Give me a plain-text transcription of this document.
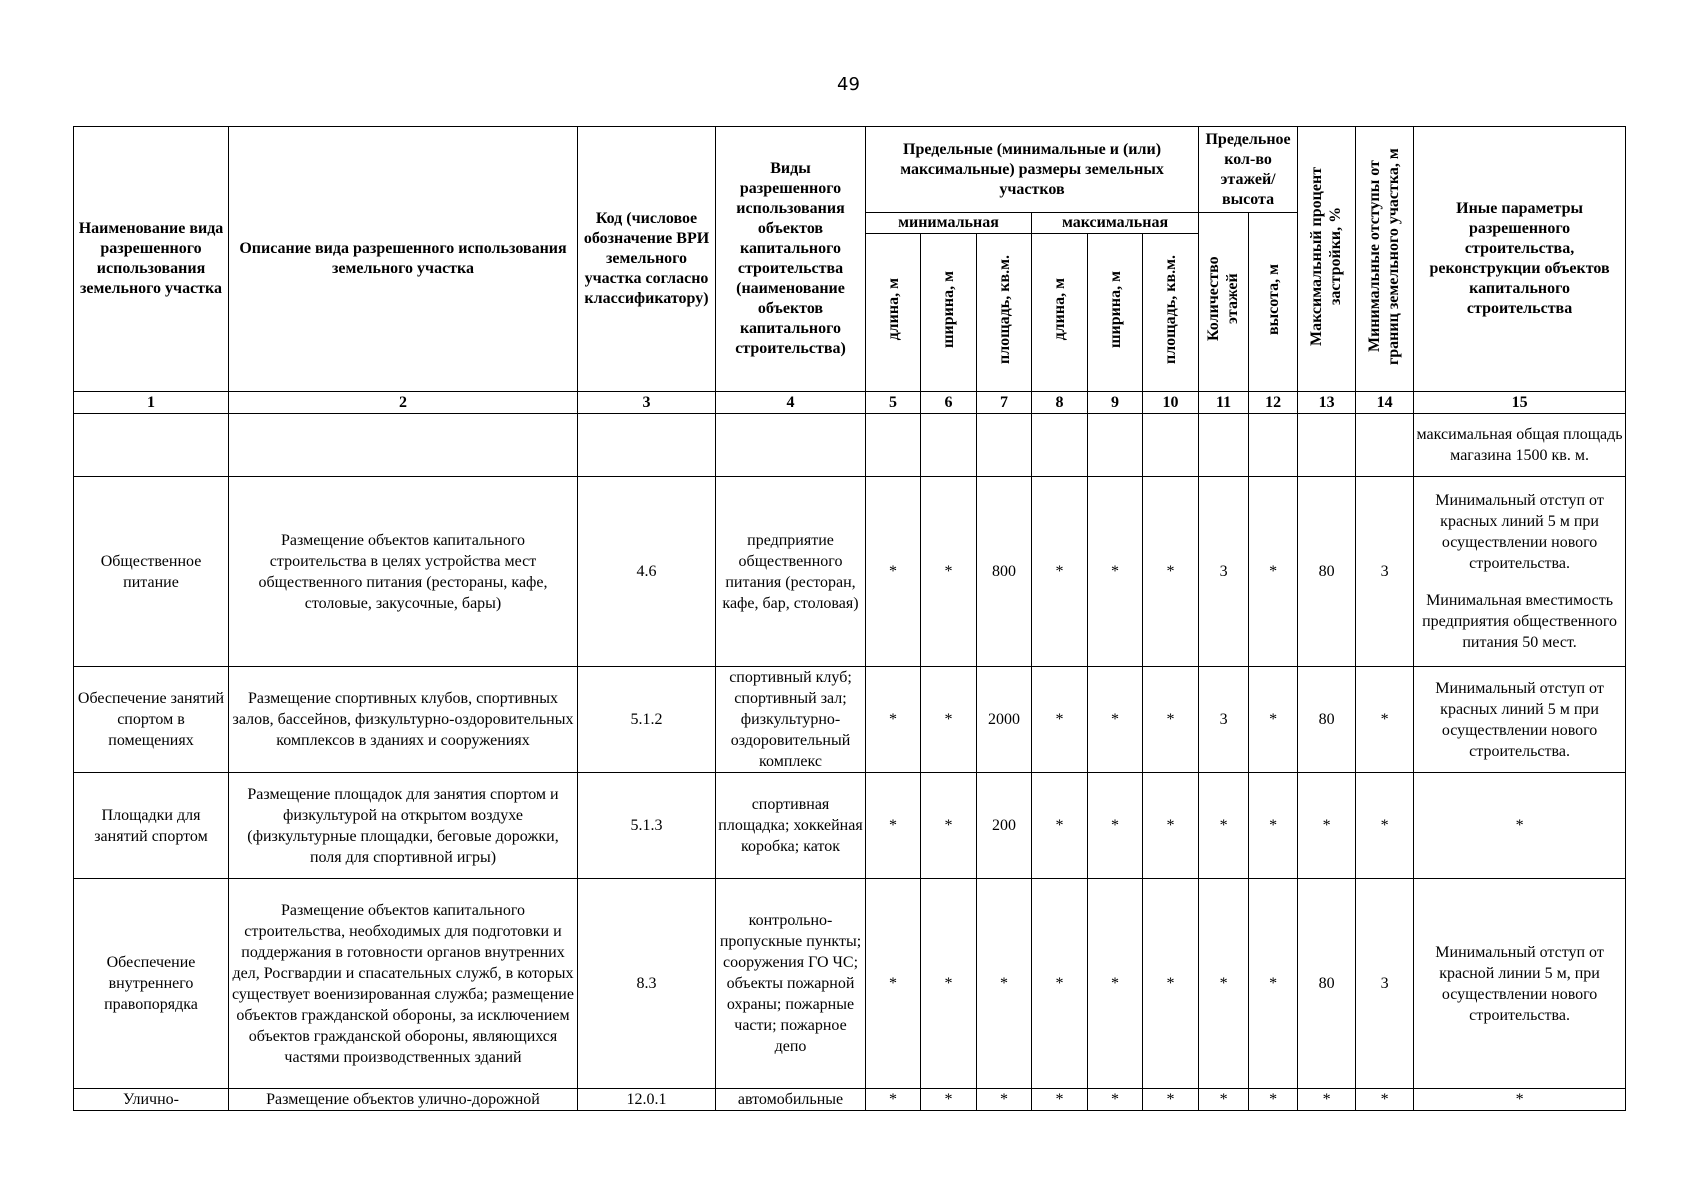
49
Наименование вида разрешенного использования земельного участка	Описание вида разрешенного использования земельного участка	Код (числовое обозначение ВРИ земельного участка согласно классификатору)	Виды разрешенного использования объектов капитального строительства (наименование объектов капитального строительства)	Предельные (минимальные и (или) максимальные) размеры земельных участков						Предельное кол-во этажей/ высота		Максимальный процент застройки, %	Минимальные отступы от границ земельного участка, м	Иные параметры разрешенного строительства, реконструкции объектов капитального строительства
				минимальная			максимальная			Количество этажей	высота, м			
				длина, м	ширина, м	площадь, кв.м.	длина, м	ширина, м	площадь, кв.м.					
1	2	3	4	5	6	7	8	9	10	11	12	13	14	15
														максимальная общая площадь магазина 1500 кв. м.
Общественное питание	Размещение объектов капитального строительства в целях устройства мест общественного питания (рестораны, кафе, столовые, закусочные, бары)	4.6	предприятие общественного питания (ресторан, кафе, бар, столовая)	*	*	800	*	*	*	3	*	80	3	Минимальный отступ от красных линий 5 м при осуществлении нового строительства.
Минимальная вместимость предприятия общественного питания 50 мест.

Обеспечение занятий спортом в помещениях	Размещение спортивных клубов, спортивных залов, бассейнов, физкультурно-оздоровительных комплексов в зданиях и сооружениях	5.1.2	спортивный клуб; спортивный зал; физкультурно-оздоровительный комплекс	*	*	2000	*	*	*	3	*	80	*	Минимальный отступ от красных линий 5 м при осуществлении нового строительства.
Площадки для занятий спортом	Размещение площадок для занятия спортом и физкультурой на открытом воздухе (физкультурные площадки, беговые дорожки, поля для спортивной игры)	5.1.3	спортивная площадка; хоккейная коробка; каток	*	*	200	*	*	*	*	*	*	*	*
Обеспечение внутреннего правопорядка	Размещение объектов капитального строительства, необходимых для подготовки и поддержания в готовности органов внутренних дел, Росгвардии и спасательных служб, в которых существует военизированная служба; размещение объектов гражданской обороны, за исключением объектов гражданской обороны, являющихся частями производственных зданий	8.3	контрольно-пропускные пункты; сооружения ГО ЧС; объекты пожарной охраны; пожарные части; пожарное депо	*	*	*	*	*	*	*	*	80	3	Минимальный отступ от красной линии 5 м, при осуществлении нового строительства.
Улично-	Размещение объектов улично-дорожной	12.0.1	автомобильные	*	*	*	*	*	*	*	*	*	*	*
